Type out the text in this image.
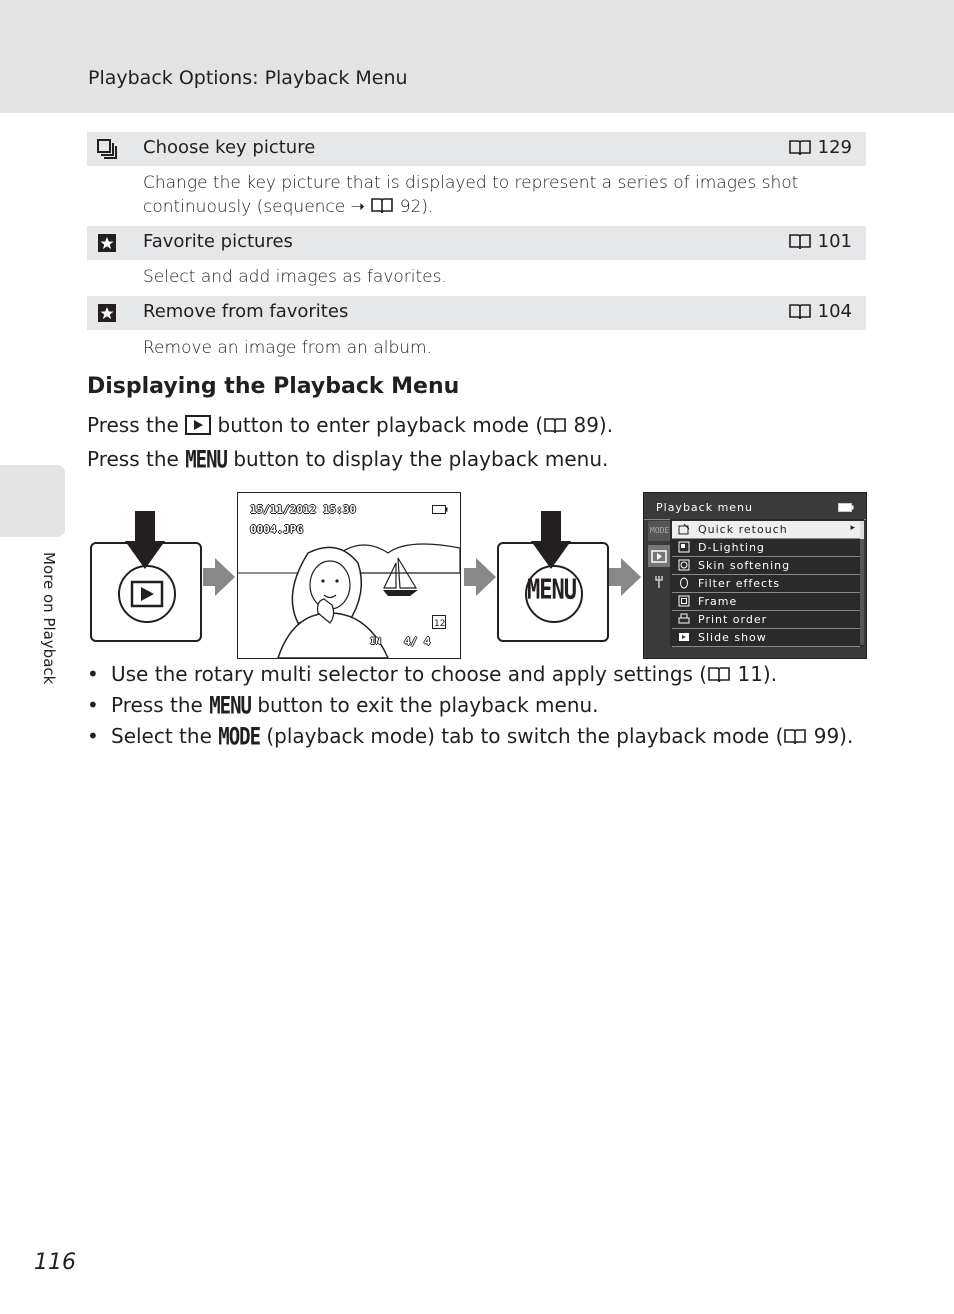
Playback Options: Playback Menu
More on Playback
Choose key picture	129
Change the key picture that is displayed to represent a series of images shot continuously (sequence ➝ 92).
Favorite pictures	101
Select and add images as favorites.
Remove from favorites	104
Remove an image from an album.
Displaying the Playback Menu
Press the button to enter playback mode ( 89).
Press the MENU button to display the playback menu.
15/11/2012 15:30
0004.JPG
12
IN 4/ 4
MENU
Playback menu
MODE	Quick retouch	▸
D-Lighting
Skin softening
Filter effects
Frame
Print order
Slide show
• Use the rotary multi selector to choose and apply settings ( 11).
• Press the MENU button to exit the playback menu.
• Select the MODE (playback mode) tab to switch the playback mode ( 99).
116
